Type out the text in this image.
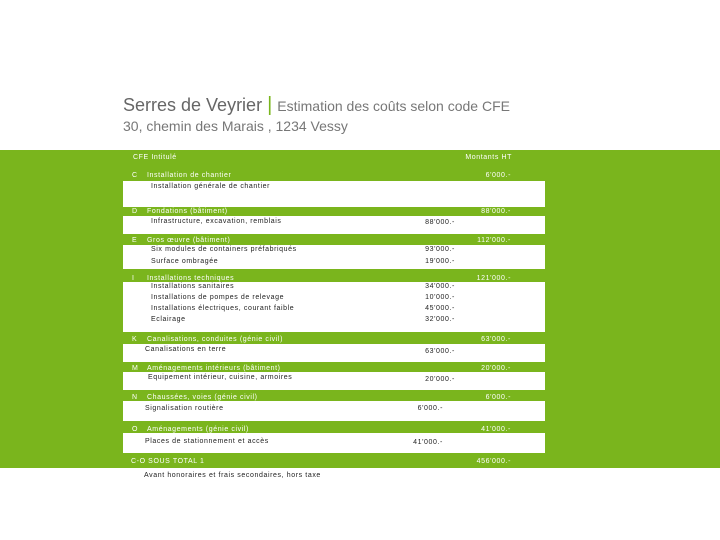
Serres de Veyrier | Estimation des coûts selon code CFE
30, chemin des Marais , 1234 Vessy
CFE Intitulé	Montants HT
C Installation de chantier	6'000.-
Installation générale de chantier
D Fondations (bâtiment)	88'000.-
Infrastructure, excavation, remblais	88'000.-
E Gros œuvre (bâtiment)	112'000.-
Six modules de containers préfabriqués	93'000.-
Surface ombragée	19'000.-
I Installations techniques	121'000.-
Installations sanitaires	34'000.-
Installations de pompes de relevage	10'000.-
Installations électriques, courant faible	45'000.-
Eclairage	32'000.-
K Canalisations, conduites (génie civil)	63'000.-
Canalisations en terre	63'000.-
M Aménagements intérieurs (bâtiment)	20'000.-
Equipement intérieur, cuisine, armoires	20'000.-
N Chaussées, voies (génie civil)	6'000.-
Signalisation routière	6'000.-
O Aménagements (génie civil)	41'000.-
Places de stationnement et accès	41'000.-
C-O SOUS TOTAL 1	456'000.-
Avant honoraires et frais secondaires, hors taxe
